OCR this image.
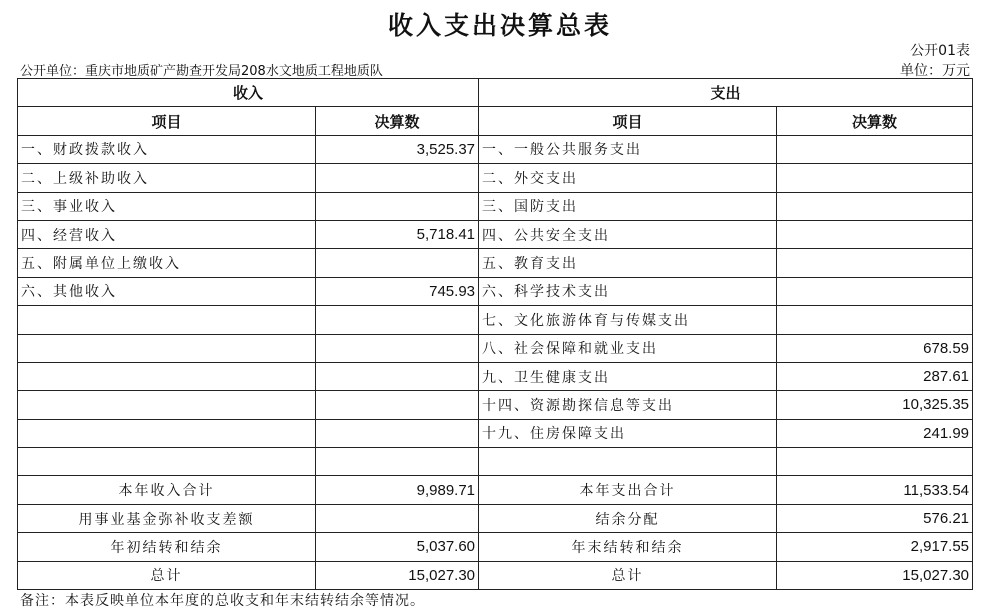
收入支出决算总表
公开01表
公开单位：重庆市地质矿产勘查开发局208水文地质工程地质队	单位：万元
收入		支出	
项目	决算数	项目	决算数
一、财政拨款收入	3,525.37	一、一般公共服务支出	
二、上级补助收入		二、外交支出	
三、事业收入		三、国防支出	
四、经营收入	5,718.41	四、公共安全支出	
五、附属单位上缴收入		五、教育支出	
六、其他收入	745.93	六、科学技术支出	
		七、文化旅游体育与传媒支出	
		八、社会保障和就业支出	678.59
		九、卫生健康支出	287.61
		十四、资源勘探信息等支出	10,325.35
		十九、住房保障支出	241.99

本年收入合计	9,989.71	本年支出合计	11,533.54
用事业基金弥补收支差额		结余分配	576.21
年初结转和结余	5,037.60	年末结转和结余	2,917.55
总计	15,027.30	总计	15,027.30
备注：本表反映单位本年度的总收支和年末结转结余等情况。
